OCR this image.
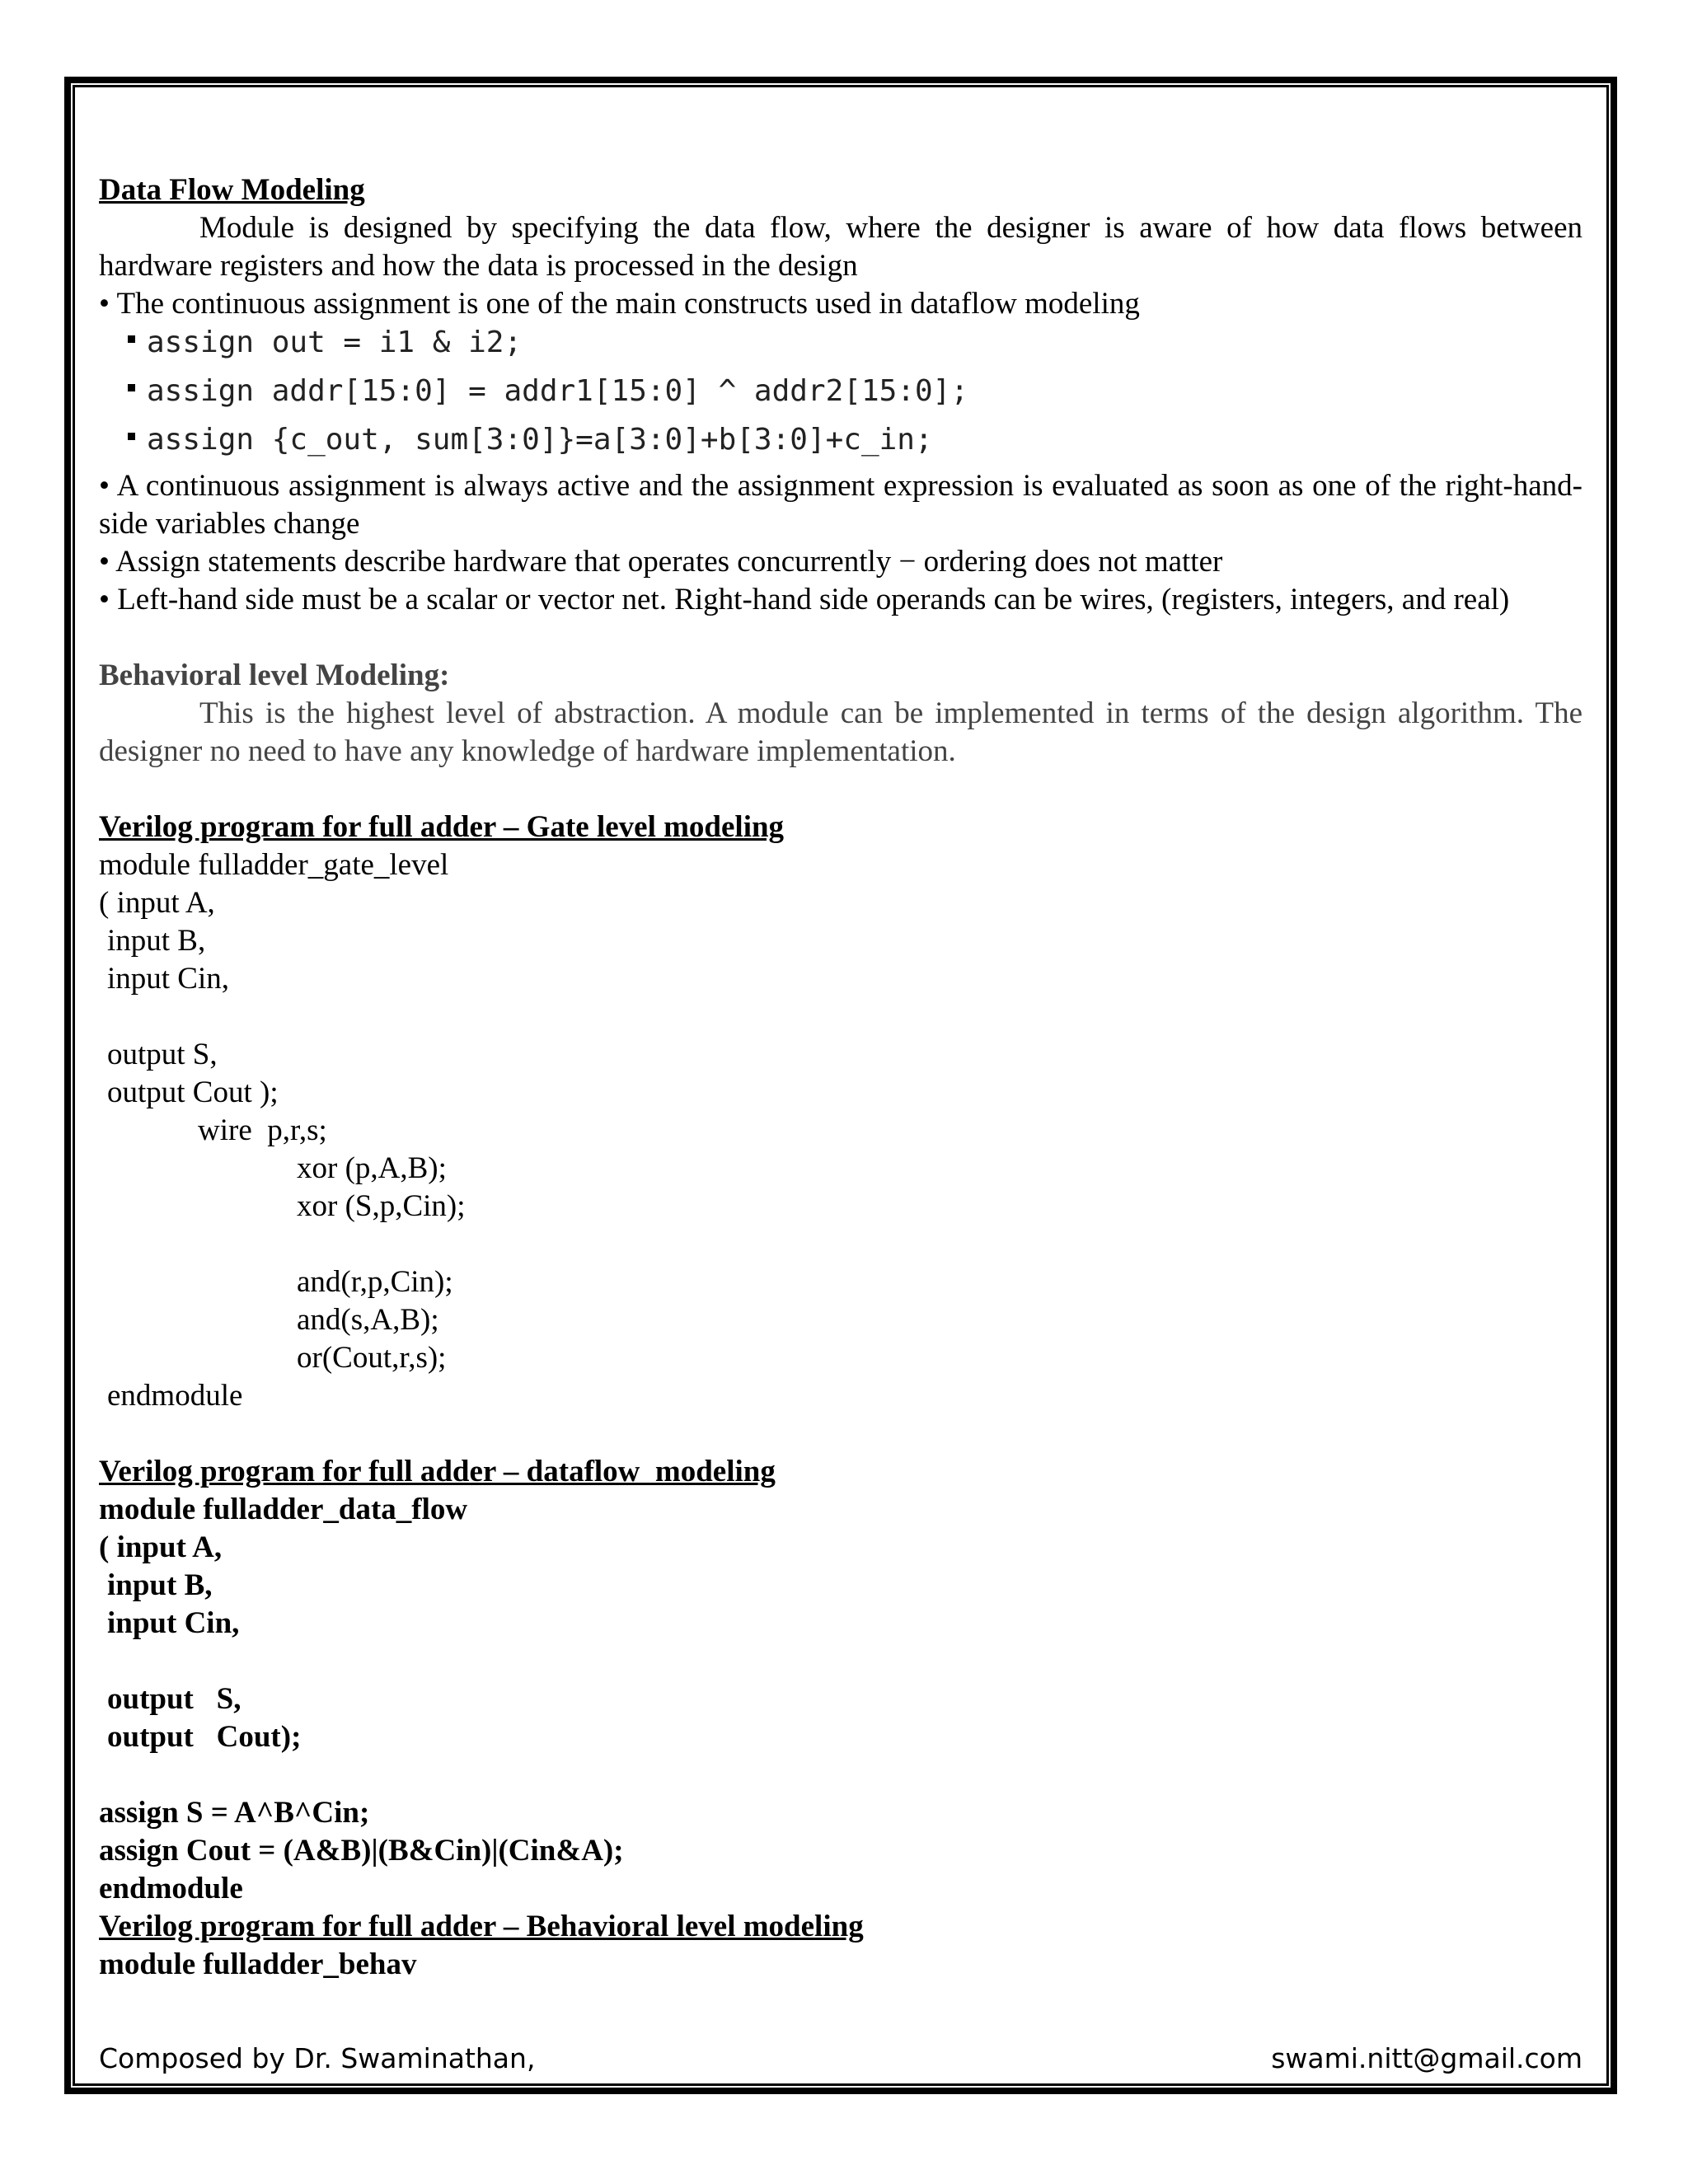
Data Flow Modeling
Module is designed by specifying the data flow, where the designer is aware of how data flows between hardware registers and how the data is processed in the design
• The continuous assignment is one of the main constructs used in dataflow modeling
assign out = i1 & i2;
assign addr[15:0] = addr1[15:0] ^ addr2[15:0];
assign {c_out, sum[3:0]}=a[3:0]+b[3:0]+c_in;
• A continuous assignment is always active and the assignment expression is evaluated as soon as one of the right-hand-side variables change
• Assign statements describe hardware that operates concurrently − ordering does not matter
• Left-hand side must be a scalar or vector net. Right-hand side operands can be wires, (registers, integers, and real)
Behavioral level Modeling:
This is the highest level of abstraction. A module can be implemented in terms of the design algorithm. The designer no need to have any knowledge of hardware implementation.
Verilog program for full adder – Gate level modeling
module fulladder_gate_level
( input A,
input B,
input Cin,
output S,
output Cout );
wire  p,r,s;
xor (p,A,B);
xor (S,p,Cin);
and(r,p,Cin);
and(s,A,B);
or(Cout,r,s);
endmodule
Verilog program for full adder – dataflow  modeling
module fulladder_data_flow
( input A,
input B,
input Cin,
output   S,
output   Cout);
assign S = A^B^Cin;
assign Cout = (A&B)|(B&Cin)|(Cin&A);
endmodule
Verilog program for full adder – Behavioral level modeling
module fulladder_behav
Composed by Dr. Swaminathan,	swami.nitt@gmail.com
